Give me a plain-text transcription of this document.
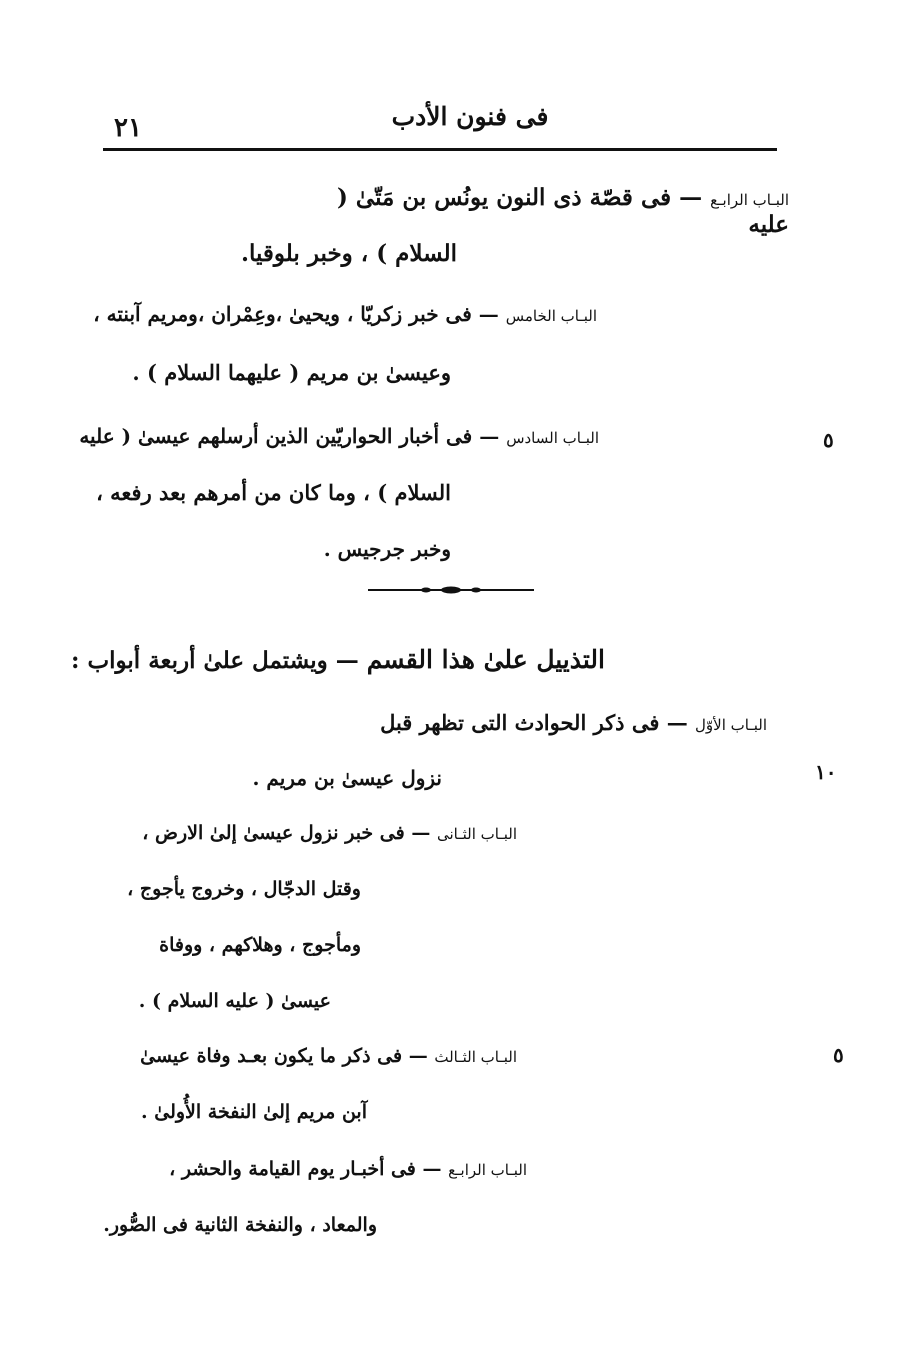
فى فنون الأدب
٢١
البـاب الرابـع — فى قصّة ذى النون يونُس بن مَتّىٰ ( عليه
السلام ) ، وخبر بلوقيا.
البـاب الخامس — فى خبر زكريّا ، ويحيىٰ ،وعِمْران ،ومريم آبنته ،
وعيسىٰ بن مريم ( عليهما السلام ) .
البـاب السادس — فى أخبار الحواريّين الذين أرسلهم عيسىٰ ( عليه
السلام ) ، وما كان من أمرهم بعد رفعه ،
وخبر جرجيس .
التذييل علىٰ هذا القسم — ويشتمل علىٰ أربعة أبواب :
البـاب الأوّل — فى ذكر الحوادث التى تظهر قبل
نزول عيسىٰ بن مريم .
البـاب الثـانى — فى خبر نزول عيسىٰ إلىٰ الارض ،
وقتل الدجّال ، وخروج يأجوج ،
ومأجوج ، وهلاكهم ، ووفاة
عيسىٰ ( عليه السلام ) .
البـاب الثـالث — فى ذكر ما يكون بعـد وفاة عيسىٰ
آبن مريم إلىٰ النفخة الأُولىٰ .
البـاب الرابـع — فى أخبـار يوم القيامة والحشر ،
والمعاد ، والنفخة الثانية فى الصُّور.
٥
١٠
٥
